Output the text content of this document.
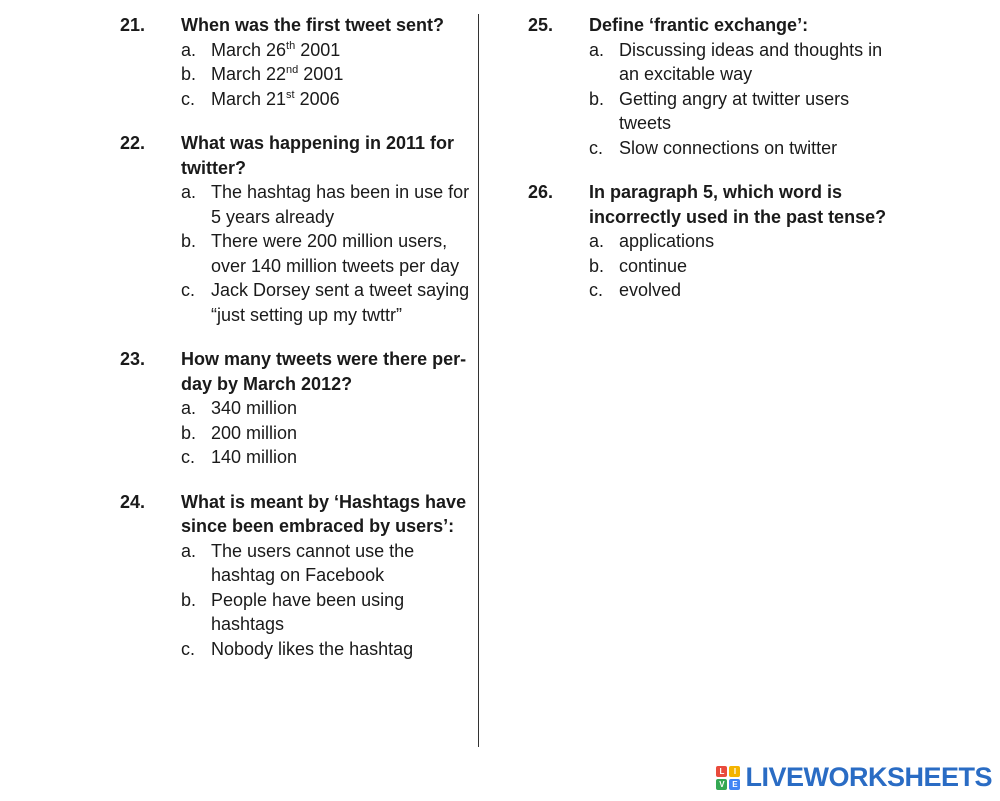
21. When was the first tweet sent?
a. March 26th 2001
b. March 22nd 2001
c. March 21st 2006
22. What was happening in 2011 for twitter?
a. The hashtag has been in use for 5 years already
b. There were 200 million users, over 140 million tweets per day
c. Jack Dorsey sent a tweet saying “just setting up my twttr”
23. How many tweets were there per-day by March 2012?
a. 340 million
b. 200 million
c. 140 million
24. What is meant by ‘Hashtags have since been embraced by users’:
a. The users cannot use the hashtag on Facebook
b. People have been using hashtags
c. Nobody likes the hashtag
25. Define ‘frantic exchange’:
a. Discussing ideas and thoughts in an excitable way
b. Getting angry at twitter users tweets
c. Slow connections on twitter
26. In paragraph 5, which word is incorrectly used in the past tense?
a. applications
b. continue
c. evolved
L	I
V E LIVEWORKSHEETS
